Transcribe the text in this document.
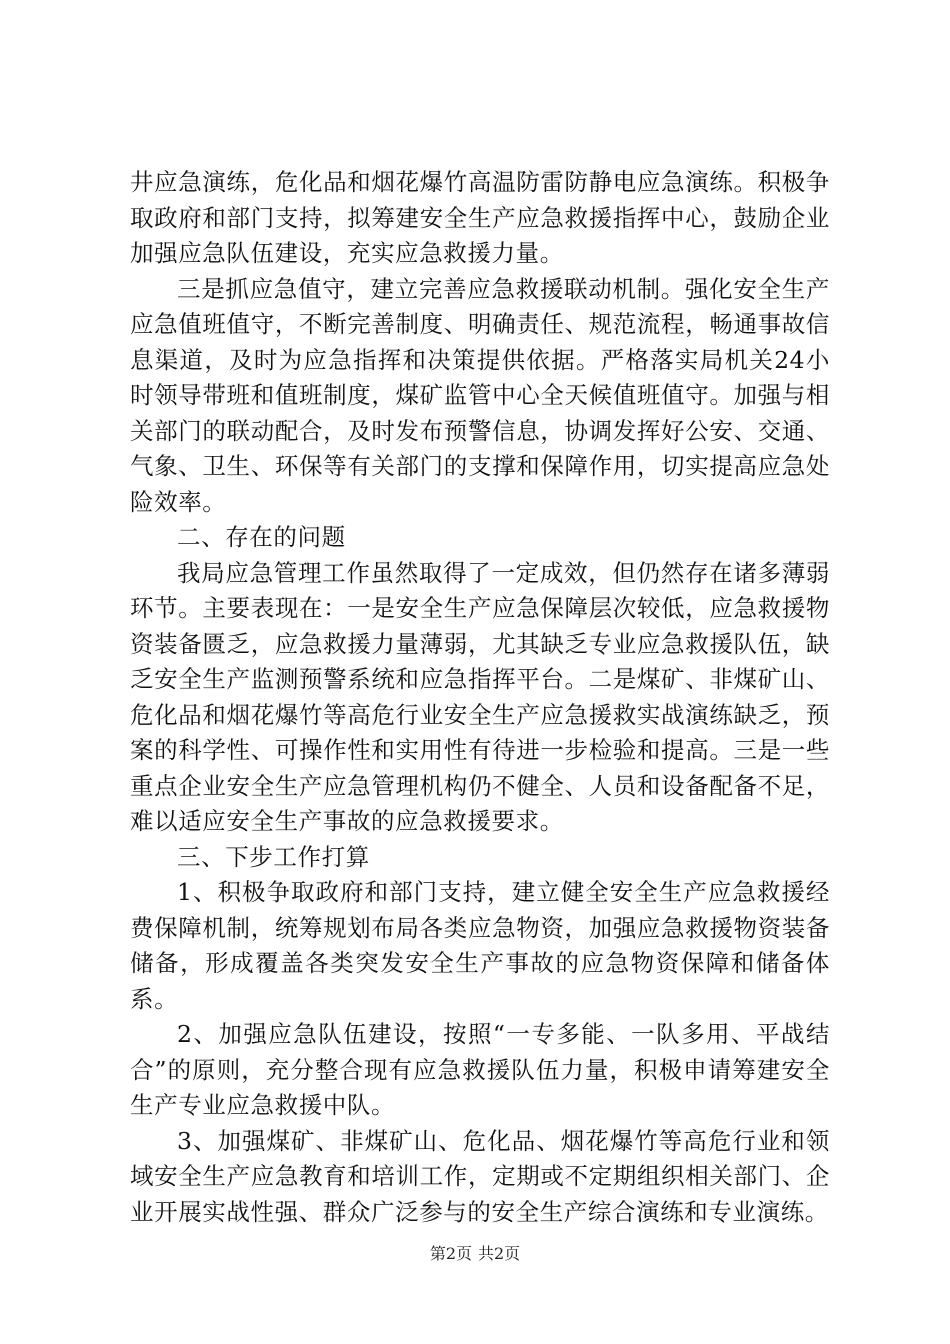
井应急演练，危化品和烟花爆竹高温防雷防静电应急演练。积极争取政府和部门支持，拟筹建安全生产应急救援指挥中心，鼓励企业加强应急队伍建设，充实应急救援力量。

三是抓应急值守，建立完善应急救援联动机制。强化安全生产应急值班值守，不断完善制度、明确责任、规范流程，畅通事故信息渠道，及时为应急指挥和决策提供依据。严格落实局机关24小时领导带班和值班制度，煤矿监管中心全天候值班值守。加强与相关部门的联动配合，及时发布预警信息，协调发挥好公安、交通、气象、卫生、环保等有关部门的支撑和保障作用，切实提高应急处险效率。

二、存在的问题

我局应急管理工作虽然取得了一定成效，但仍然存在诸多薄弱环节。主要表现在：一是安全生产应急保障层次较低，应急救援物资装备匮乏，应急救援力量薄弱，尤其缺乏专业应急救援队伍，缺乏安全生产监测预警系统和应急指挥平台。二是煤矿、非煤矿山、危化品和烟花爆竹等高危行业安全生产应急援救实战演练缺乏，预案的科学性、可操作性和实用性有待进一步检验和提高。三是一些重点企业安全生产应急管理机构仍不健全、人员和设备配备不足，难以适应安全生产事故的应急救援要求。

三、下步工作打算

1、积极争取政府和部门支持，建立健全安全生产应急救援经费保障机制，统筹规划布局各类应急物资，加强应急救援物资装备储备，形成覆盖各类突发安全生产事故的应急物资保障和储备体系。

2、加强应急队伍建设，按照“一专多能、一队多用、平战结合”的原则，充分整合现有应急救援队伍力量，积极申请筹建安全生产专业应急救援中队。

3、加强煤矿、非煤矿山、危化品、烟花爆竹等高危行业和领域安全生产应急教育和培训工作，定期或不定期组织相关部门、企业开展实战性强、群众广泛参与的安全生产综合演练和专业演练。

第2页 共2页
